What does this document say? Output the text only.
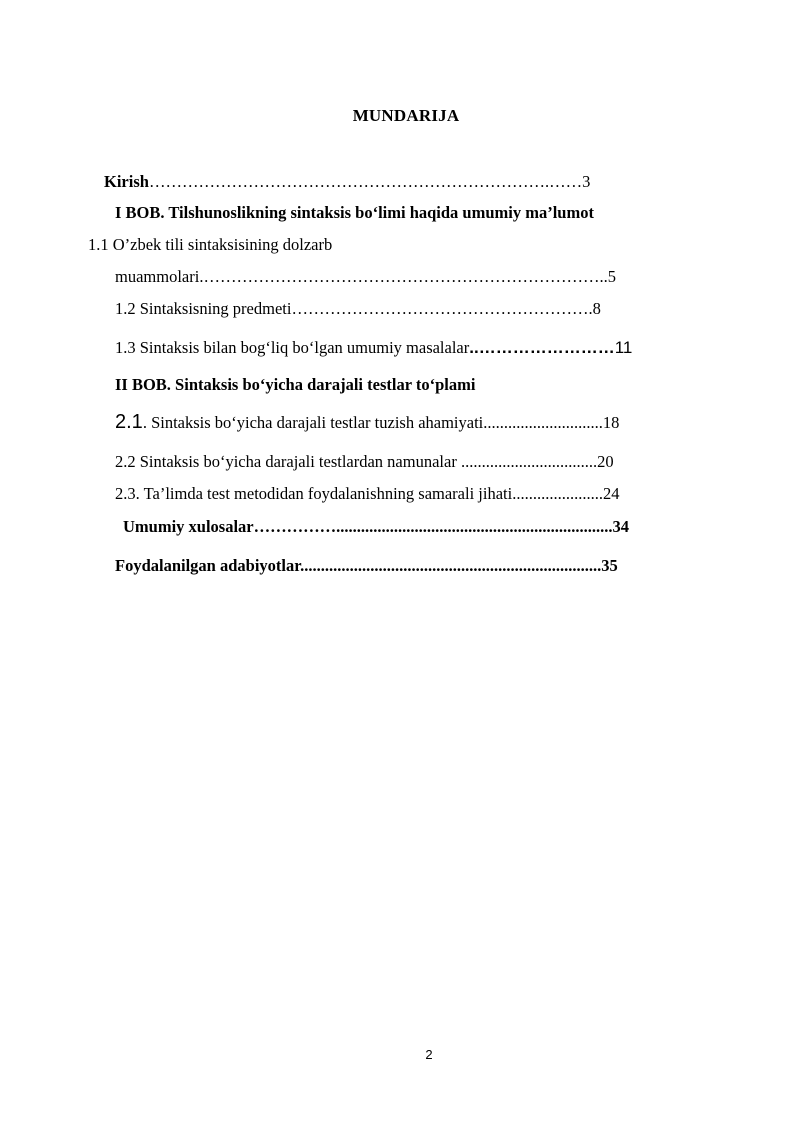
MUNDARIJA
Kirish……………………………………………………………….……3
I BOB. Tilshunoslikning sintaksis bo‘limi haqida umumiy ma’lumot
1.1 O’zbek tili sintaksisining dolzarb
muammolari.………………………………………………………………..5
1.2 Sintaksisning predmeti……………………………………………….8
1.3 Sintaksis bilan bog‘liq bo‘lgan umumiy masalalar..……………………11
II BOB. Sintaksis bo‘yicha darajali testlar to‘plami
2.1. Sintaksis bo‘yicha darajali testlar tuzish ahamiyati.............................18
2.2 Sintaksis bo‘yicha darajali testlardan namunalar .................................20
2.3. Ta’limda test metodidan foydalanishning samarali jihati......................24
Umumiy xulosalar……………...................................................................34
Foydalanilgan adabiyotlar.........................................................................35
2
